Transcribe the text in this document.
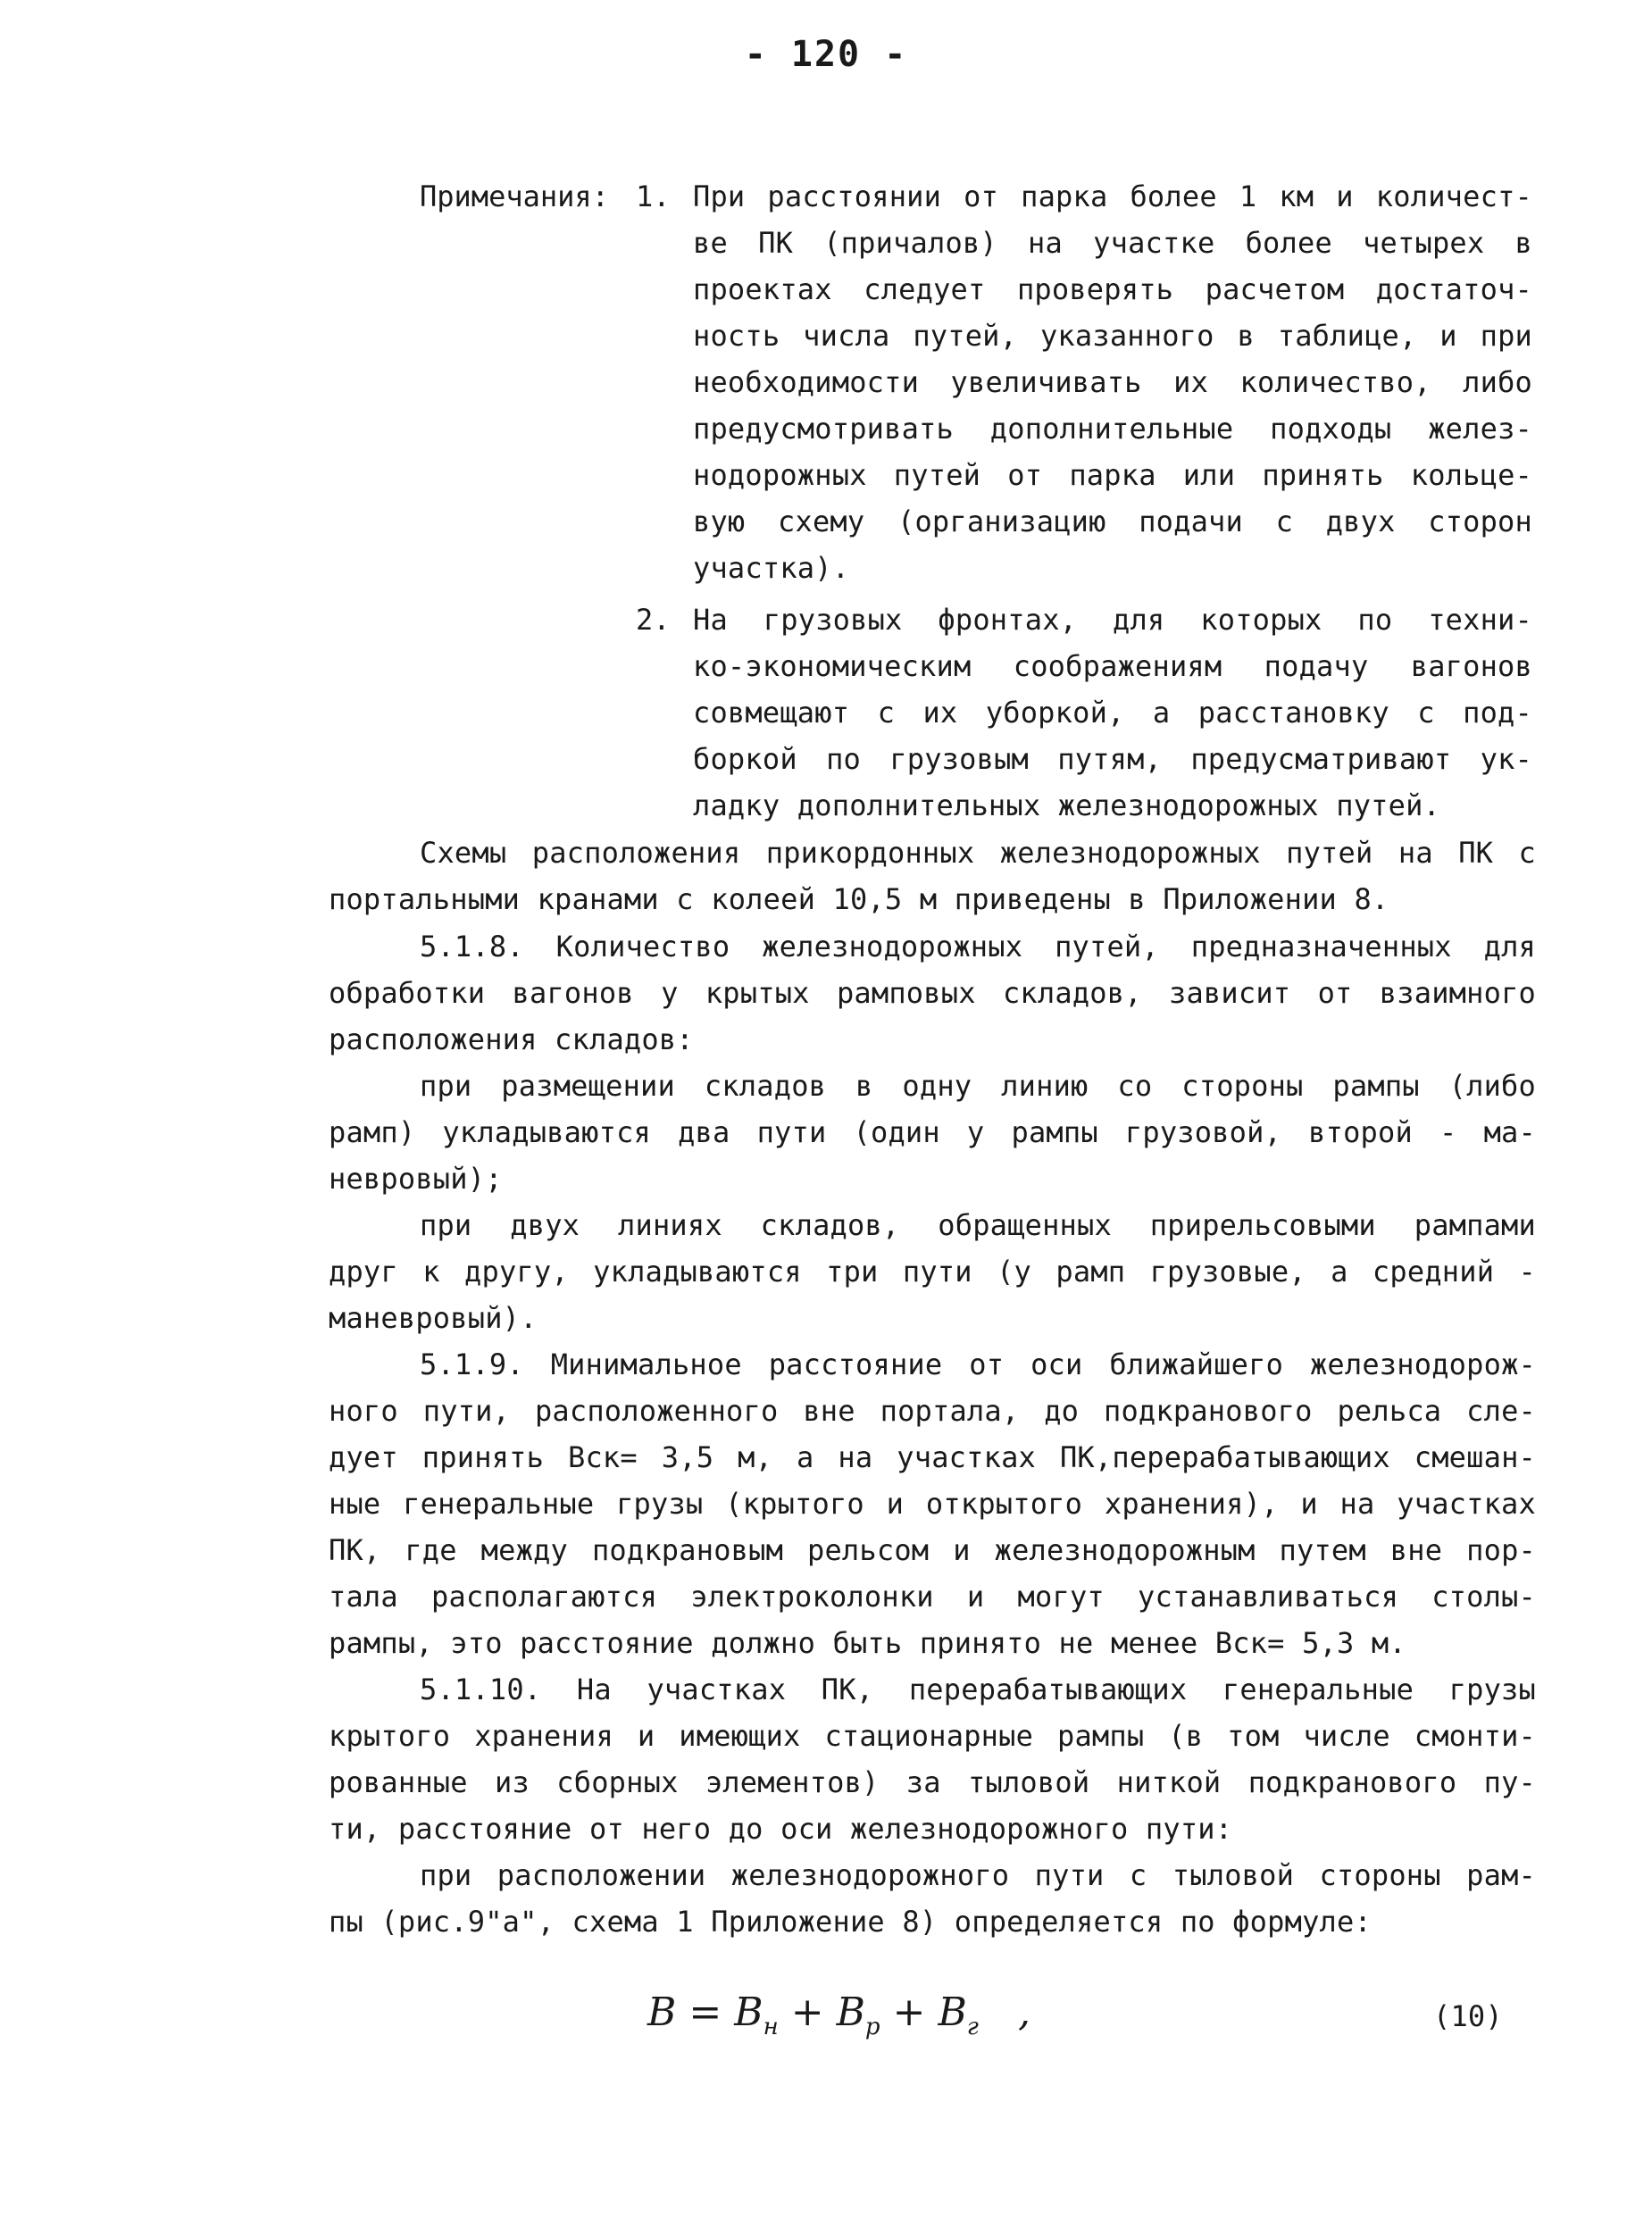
- 120 -
Примечания: 1. При расстоянии от парка более 1 км и количест-
ве ПК (причалов) на участке более четырех в
проектах следует проверять расчетом достаточ-
ность числа путей, указанного в таблице, и при
необходимости увеличивать их количество, либо
предусмотривать дополнительные подходы желез-
нодорожных путей от парка или принять кольце-
вую схему (организацию подачи с двух сторон
участка).
2. На грузовых фронтах, для которых по техни-
ко-экономическим соображениям подачу вагонов
совмещают с их уборкой, а расстановку с под-
боркой по грузовым путям, предусматривают ук-
ладку дополнительных железнодорожных путей.
Схемы расположения прикордонных железнодорожных путей на ПК с
портальными кранами с колеей 10,5 м приведены в Приложении 8.
5.1.8. Количество железнодорожных путей, предназначенных для
обработки вагонов у крытых рамповых складов, зависит от взаимного
расположения складов:
при размещении складов в одну линию со стороны рампы (либо
рамп) укладываются два пути (один у рампы грузовой, второй - ма-
невровый);
при двух линиях складов, обращенных прирельсовыми рампами
друг к другу, укладываются три пути (у рамп грузовые, а средний -
маневровый).
5.1.9. Минимальное расстояние от оси ближайшего железнодорож-
ного пути, расположенного вне портала, до подкранового рельса сле-
дует принять Вск= 3,5 м, а на участках ПК,перерабатывающих смешан-
ные генеральные грузы (крытого и открытого хранения), и на участках
ПК, где между подкрановым рельсом и железнодорожным путем вне пор-
тала располагаются электроколонки и могут устанавливаться столы-
рампы, это расстояние должно быть принято не менее Вск= 5,3 м.
5.1.10. На участках ПК, перерабатывающих генеральные грузы
крытого хранения и имеющих стационарные рампы (в том числе смонти-
рованные из сборных элементов) за тыловой ниткой подкранового пу-
ти, расстояние от него до оси железнодорожного пути:
при расположении железнодорожного пути с тыловой стороны рам-
пы (рис.9"а", схема 1 Приложение 8) определяется по формуле:
$В = В_н + В_р + В_г$ ,	(10)
